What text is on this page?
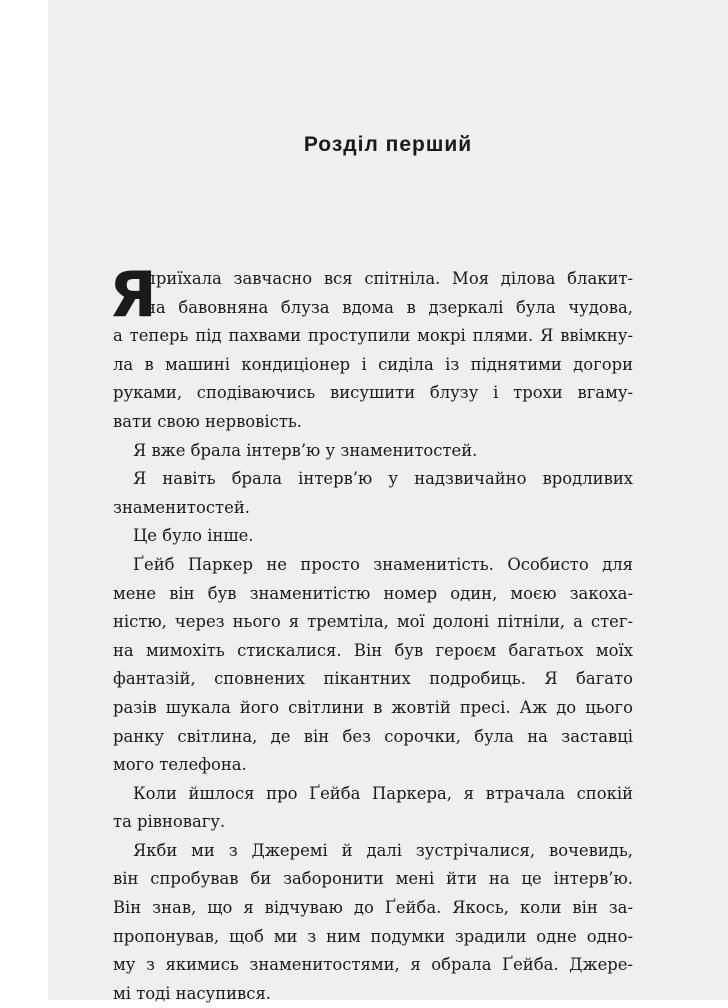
Розділ перший
Я
приїхала завчасно вся спітніла. Моя ділова блакит-
на бавовняна блуза вдома в дзеркалі була чудова,
а теперь під пахвами проступили мокрі плями. Я ввімкну-
ла в машині кондиціонер і сиділа із піднятими догори
руками, сподіваючись висушити блузу і трохи вгаму-
вати свою нервовість.
Я вже брала інтерв’ю у знаменитостей.
Я навіть брала інтерв’ю у надзвичайно вродливих
знаменитостей.
Це було інше.
Ґейб Паркер не просто знаменитість. Особисто для
мене він був знаменитістю номер один, моєю закоха-
ністю, через нього я тремтіла, мої долоні пітніли, а стег-
на мимохіть стискалися. Він був героєм багатьох моїх
фантазій, сповнених пікантних подробиць. Я багато
разів шукала його світлини в жовтій пресі. Аж до цього
ранку світлина, де він без сорочки, була на заставці
мого телефона.
Коли йшлося про Ґейба Паркера, я втрачала спокій
та рівновагу.
Якби ми з Джеремі й далі зустрічалися, вочевидь,
він спробував би заборонити мені йти на це інтерв’ю.
Він знав, що я відчуваю до Ґейба. Якось, коли він за-
пропонував, щоб ми з ним подумки зрадили одне одно-
му з якимись знаменитостями, я обрала Ґейба. Джере-
мі тоді насупився.
